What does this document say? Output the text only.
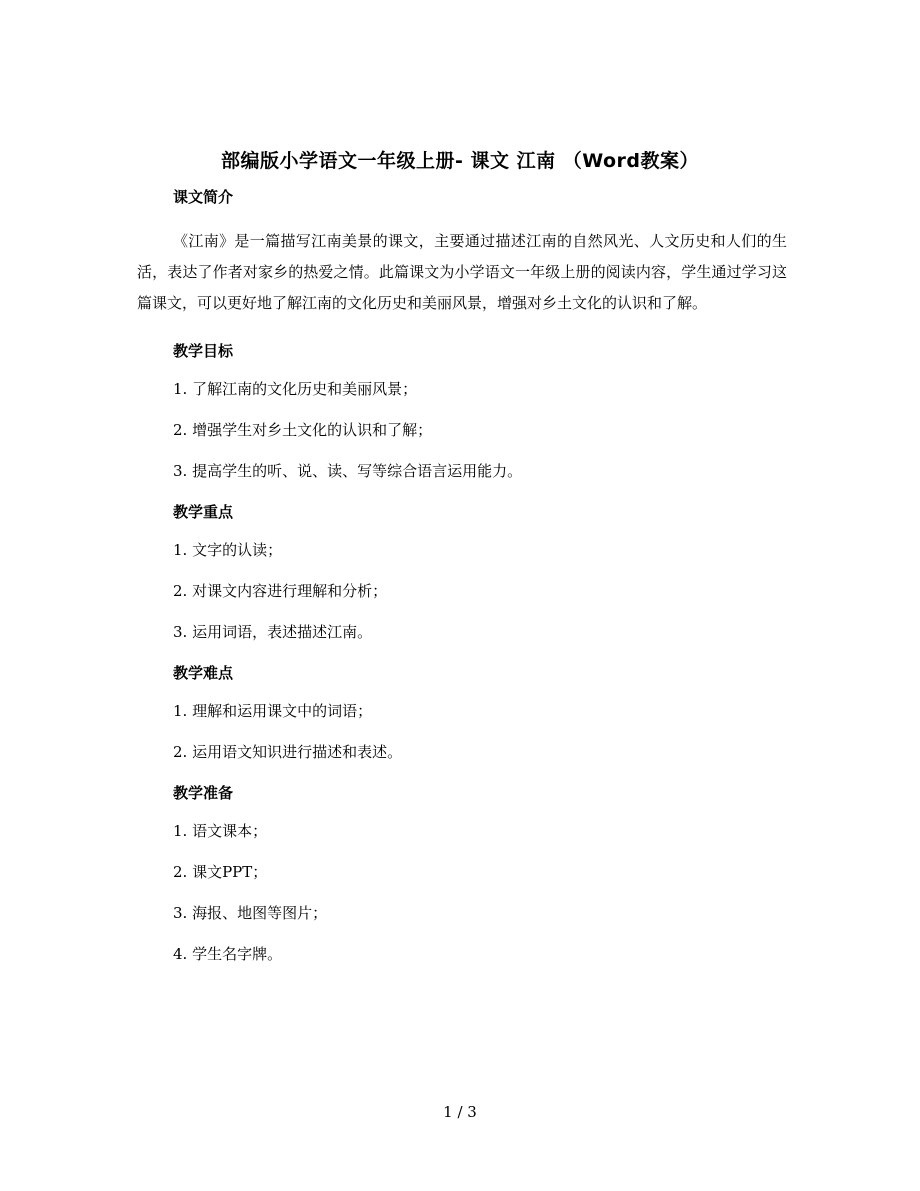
部编版小学语文一年级上册- 课文 江南 （Word教案）
课文简介

《江南》是一篇描写江南美景的课文，主要通过描述江南的自然风光、人文历史和人们的生活，表达了作者对家乡的热爱之情。此篇课文为小学语文一年级上册的阅读内容，学生通过学习这篇课文，可以更好地了解江南的文化历史和美丽风景，增强对乡土文化的认识和了解。

教学目标
1. 了解江南的文化历史和美丽风景；
2. 增强学生对乡土文化的认识和了解；
3. 提高学生的听、说、读、写等综合语言运用能力。
教学重点
1. 文字的认读；
2. 对课文内容进行理解和分析；
3. 运用词语，表述描述江南。
教学难点
1. 理解和运用课文中的词语；
2. 运用语文知识进行描述和表述。
教学准备
1. 语文课本；
2. 课文PPT；
3. 海报、地图等图片；
4. 学生名字牌。
1 / 3
